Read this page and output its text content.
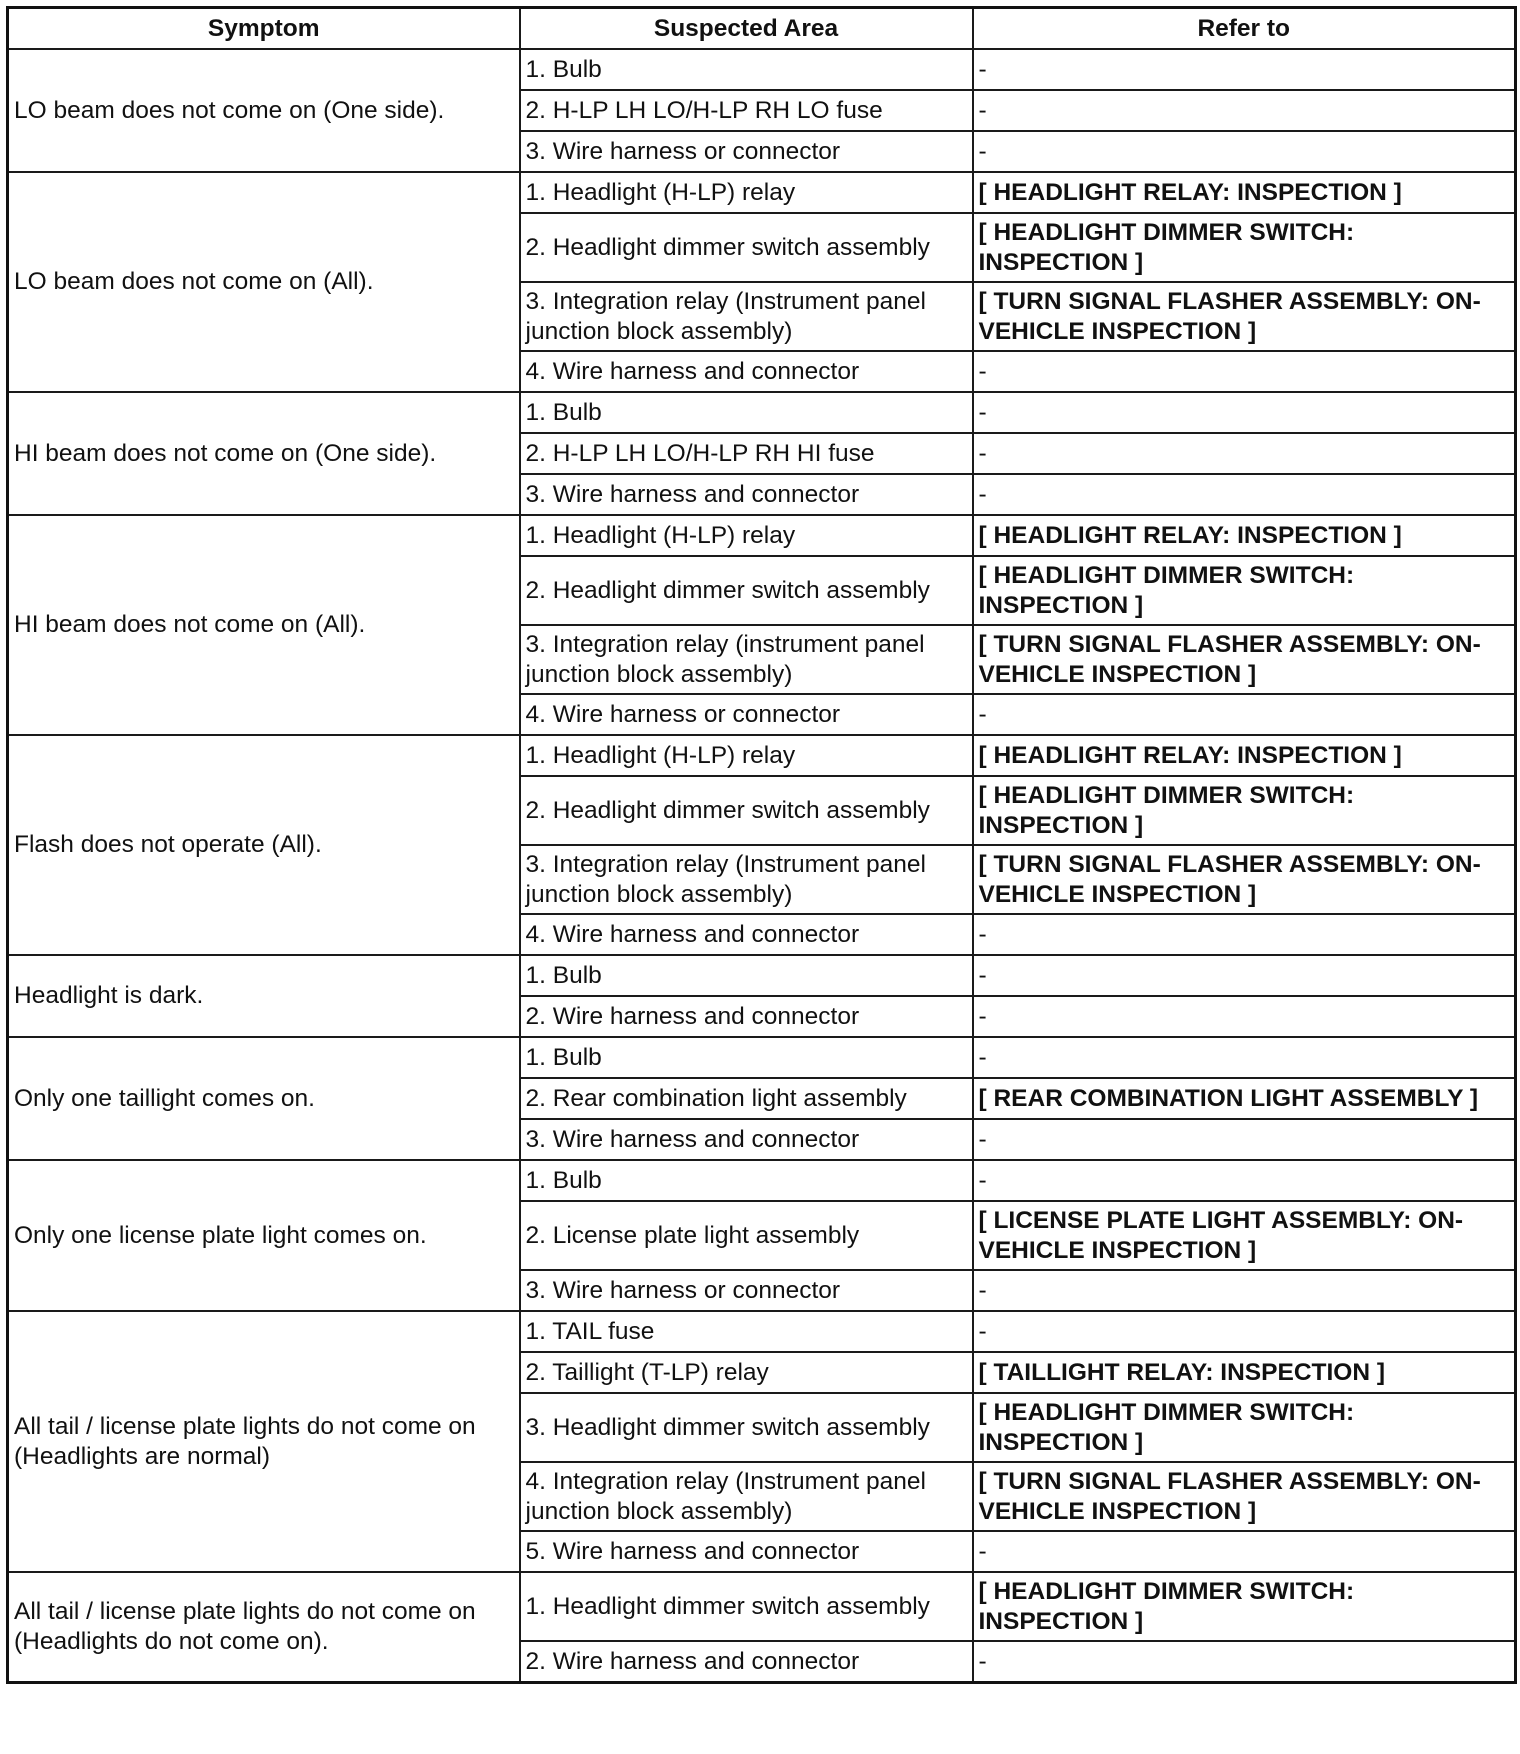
Symptom	Suspected Area	Refer to
LO beam does not come on (One side).	1. Bulb	-
	2. H-LP LH LO/H-LP RH LO fuse	-
	3. Wire harness or connector	-
LO beam does not come on (All).	1. Headlight (H-LP) relay	[ HEADLIGHT RELAY: INSPECTION ]
	2. Headlight dimmer switch assembly	[ HEADLIGHT DIMMER SWITCH: INSPECTION ]
	3. Integration relay (Instrument panel junction block assembly)	[ TURN SIGNAL FLASHER ASSEMBLY: ON-VEHICLE INSPECTION ]
	4. Wire harness and connector	-
HI beam does not come on (One side).	1. Bulb	-
	2. H-LP LH LO/H-LP RH HI fuse	-
	3. Wire harness and connector	-
HI beam does not come on (All).	1. Headlight (H-LP) relay	[ HEADLIGHT RELAY: INSPECTION ]
	2. Headlight dimmer switch assembly	[ HEADLIGHT DIMMER SWITCH: INSPECTION ]
	3. Integration relay (instrument panel junction block assembly)	[ TURN SIGNAL FLASHER ASSEMBLY: ON-VEHICLE INSPECTION ]
	4. Wire harness or connector	-
Flash does not operate (All).	1. Headlight (H-LP) relay	[ HEADLIGHT RELAY: INSPECTION ]
	2. Headlight dimmer switch assembly	[ HEADLIGHT DIMMER SWITCH: INSPECTION ]
	3. Integration relay (Instrument panel junction block assembly)	[ TURN SIGNAL FLASHER ASSEMBLY: ON-VEHICLE INSPECTION ]
	4. Wire harness and connector	-
Headlight is dark.	1. Bulb	-
	2. Wire harness and connector	-
Only one taillight comes on.	1. Bulb	-
	2. Rear combination light assembly	[ REAR COMBINATION LIGHT ASSEMBLY ]
	3. Wire harness and connector	-
Only one license plate light comes on.	1. Bulb	-
	2. License plate light assembly	[ LICENSE PLATE LIGHT ASSEMBLY: ON-VEHICLE INSPECTION ]
	3. Wire harness or connector	-
All tail / license plate lights do not come on (Headlights are normal)	1. TAIL fuse	-
	2. Taillight (T-LP) relay	[ TAILLIGHT RELAY: INSPECTION ]
	3. Headlight dimmer switch assembly	[ HEADLIGHT DIMMER SWITCH: INSPECTION ]
	4. Integration relay (Instrument panel junction block assembly)	[ TURN SIGNAL FLASHER ASSEMBLY: ON-VEHICLE INSPECTION ]
	5. Wire harness and connector	-
All tail / license plate lights do not come on (Headlights do not come on).	1. Headlight dimmer switch assembly	[ HEADLIGHT DIMMER SWITCH: INSPECTION ]
	2. Wire harness and connector	-
